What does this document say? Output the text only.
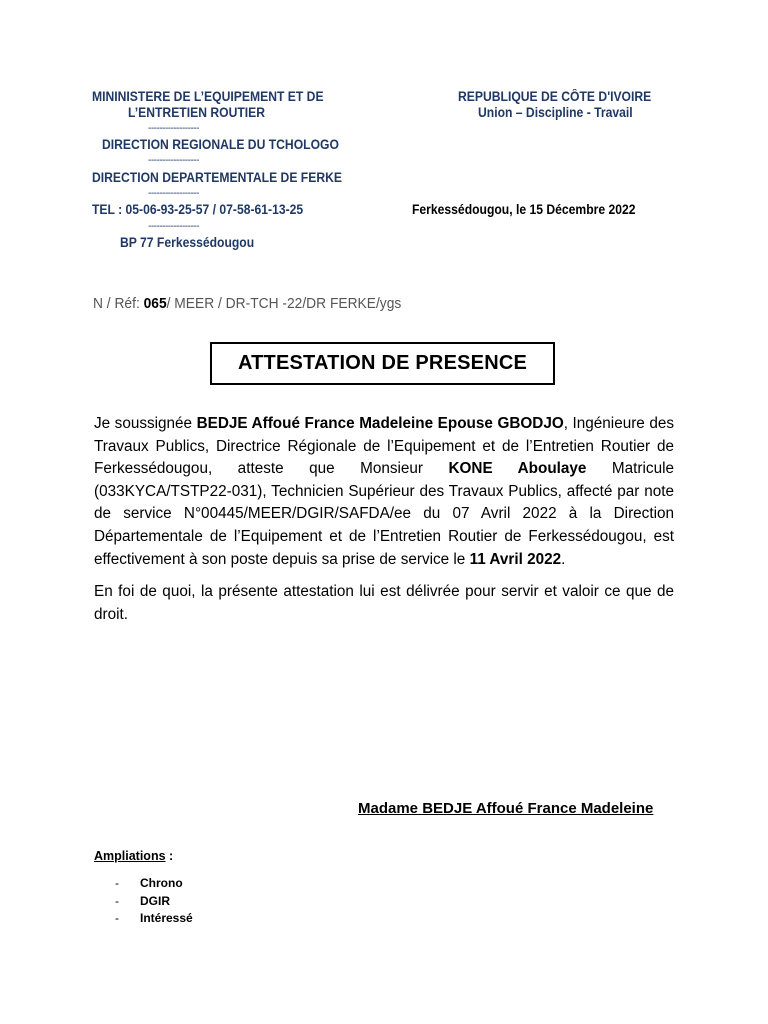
MININISTERE DE L’EQUIPEMENT ET DE
L’ENTRETIEN ROUTIER
------------------
DIRECTION REGIONALE DU TCHOLOGO
------------------
DIRECTION DEPARTEMENTALE DE FERKE
------------------
TEL : 05-06-93-25-57 / 07-58-61-13-25
------------------
BP 77 Ferkessédougou
REPUBLIQUE DE CÔTE D'IVOIRE
Union – Discipline - Travail
Ferkessédougou, le 15 Décembre 2022
N / Réf: 065/ MEER / DR-TCH -22/DR FERKE/ygs
ATTESTATION DE PRESENCE

Je soussignée BEDJE Affoué France Madeleine Epouse GBODJO, Ingénieure des Travaux Publics, Directrice Régionale de l’Equipement et de l’Entretien Routier de Ferkessédougou, atteste que Monsieur KONE Aboulaye Matricule (033KYCA/TSTP22-031), Technicien Supérieur des Travaux Publics, affecté par note de service N°00445/MEER/DGIR/SAFDA/ee du 07 Avril 2022 à la Direction Départementale de l’Equipement et de l’Entretien Routier de Ferkessédougou, est effectivement à son poste depuis sa prise de service le 11 Avril 2022.

En foi de quoi, la présente attestation lui est délivrée pour servir et valoir ce que de droit.

Madame BEDJE Affoué France Madeleine
Ampliations :
-	Chrono
-	DGIR
-	Intéressé
